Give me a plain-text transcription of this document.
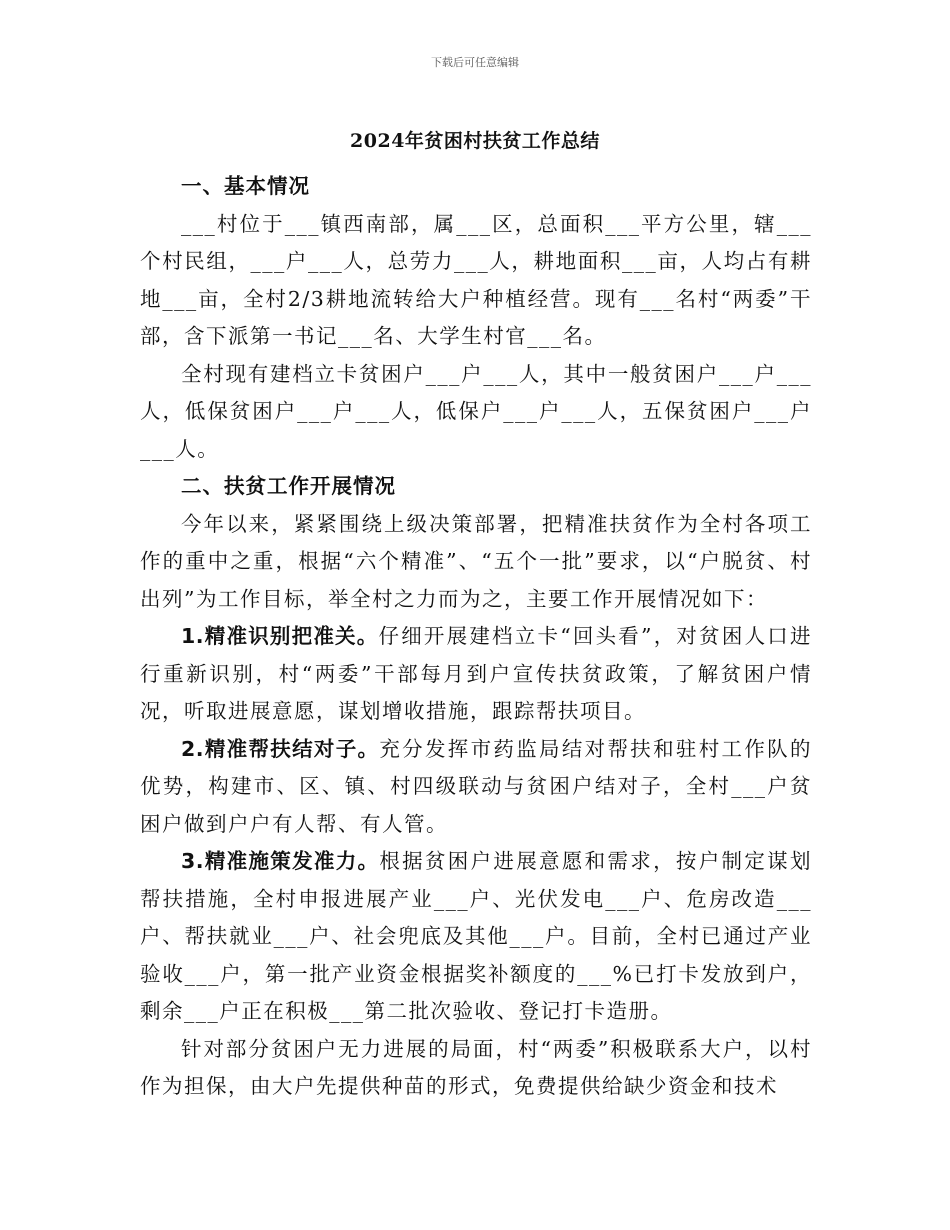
下载后可任意编辑
2024年贫困村扶贫工作总结

一、基本情况

___村位于___镇西南部，属___区，总面积___平方公里，辖___个村民组，___户___人，总劳力___人，耕地面积___亩，人均占有耕地___亩，全村2/3耕地流转给大户种植经营。现有___名村“两委”干部，含下派第一书记___名、大学生村官___名。

全村现有建档立卡贫困户___户___人，其中一般贫困户___户___人，低保贫困户___户___人，低保户___户___人，五保贫困户___户___人。

二、扶贫工作开展情况

今年以来，紧紧围绕上级决策部署，把精准扶贫作为全村各项工作的重中之重，根据“六个精准”、“五个一批”要求，以“户脱贫、村出列”为工作目标，举全村之力而为之，主要工作开展情况如下：

1.精准识别把准关。仔细开展建档立卡“回头看”，对贫困人口进行重新识别，村“两委”干部每月到户宣传扶贫政策，了解贫困户情况，听取进展意愿，谋划增收措施，跟踪帮扶项目。

2.精准帮扶结对子。充分发挥市药监局结对帮扶和驻村工作队的优势，构建市、区、镇、村四级联动与贫困户结对子，全村___户贫困户做到户户有人帮、有人管。

3.精准施策发准力。根据贫困户进展意愿和需求，按户制定谋划帮扶措施，全村申报进展产业___户、光伏发电___户、危房改造___户、帮扶就业___户、社会兜底及其他___户。目前，全村已通过产业验收___户，第一批产业资金根据奖补额度的___%已打卡发放到户，剩余___户正在积极___第二批次验收、登记打卡造册。

针对部分贫困户无力进展的局面，村“两委”积极联系大户，以村作为担保，由大户先提供种苗的形式，免费提供给缺少资金和技术
